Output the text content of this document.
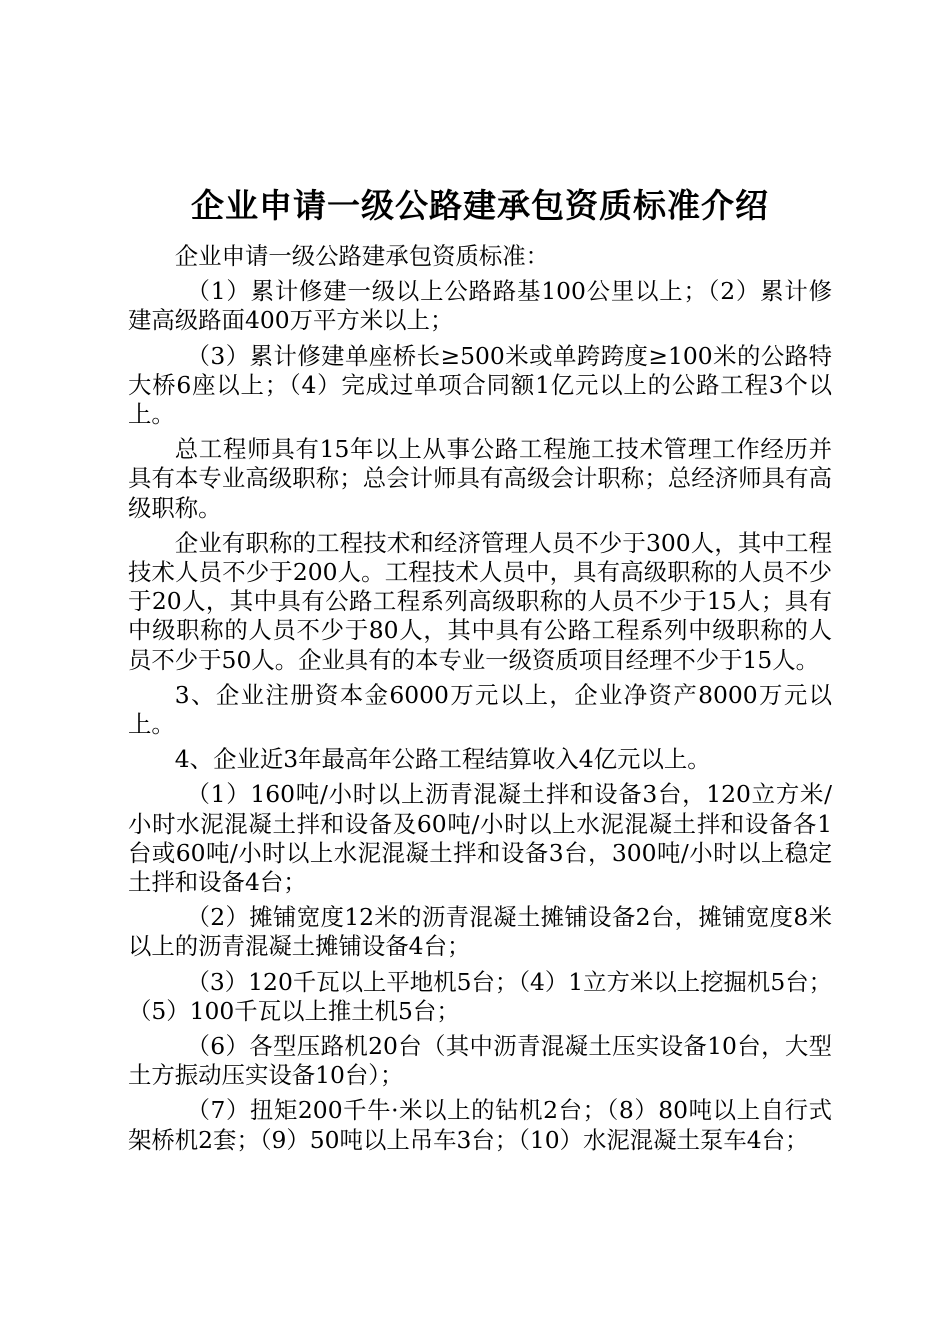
企业申请一级公路建承包资质标准介绍

企业申请一级公路建承包资质标准：

（1）累计修建一级以上公路路基100公里以上；（2）累计修建高级路面400万平方米以上；

（3）累计修建单座桥长≥500米或单跨跨度≥100米的公路特大桥6座以上；（4）完成过单项合同额1亿元以上的公路工程3个以上。

总工程师具有15年以上从事公路工程施工技术管理工作经历并具有本专业高级职称；总会计师具有高级会计职称；总经济师具有高级职称。

企业有职称的工程技术和经济管理人员不少于300人，其中工程技术人员不少于200人。工程技术人员中，具有高级职称的人员不少于20人，其中具有公路工程系列高级职称的人员不少于15人；具有中级职称的人员不少于80人，其中具有公路工程系列中级职称的人员不少于50人。企业具有的本专业一级资质项目经理不少于15人。

3、企业注册资本金6000万元以上，企业净资产8000万元以上。

4、企业近3年最高年公路工程结算收入4亿元以上。

（1）160吨/小时以上沥青混凝土拌和设备3台，120立方米/小时水泥混凝土拌和设备及60吨/小时以上水泥混凝土拌和设备各1台或60吨/小时以上水泥混凝土拌和设备3台，300吨/小时以上稳定土拌和设备4台；

（2）摊铺宽度12米的沥青混凝土摊铺设备2台，摊铺宽度8米以上的沥青混凝土摊铺设备4台；

（3）120千瓦以上平地机5台；（4）1立方米以上挖掘机5台；（5）100千瓦以上推土机5台；

（6）各型压路机20台（其中沥青混凝土压实设备10台，大型土方振动压实设备10台）；

（7）扭矩200千牛·米以上的钻机2台；（8）80吨以上自行式架桥机2套；（9）50吨以上吊车3台；（10）水泥混凝土泵车4台；
